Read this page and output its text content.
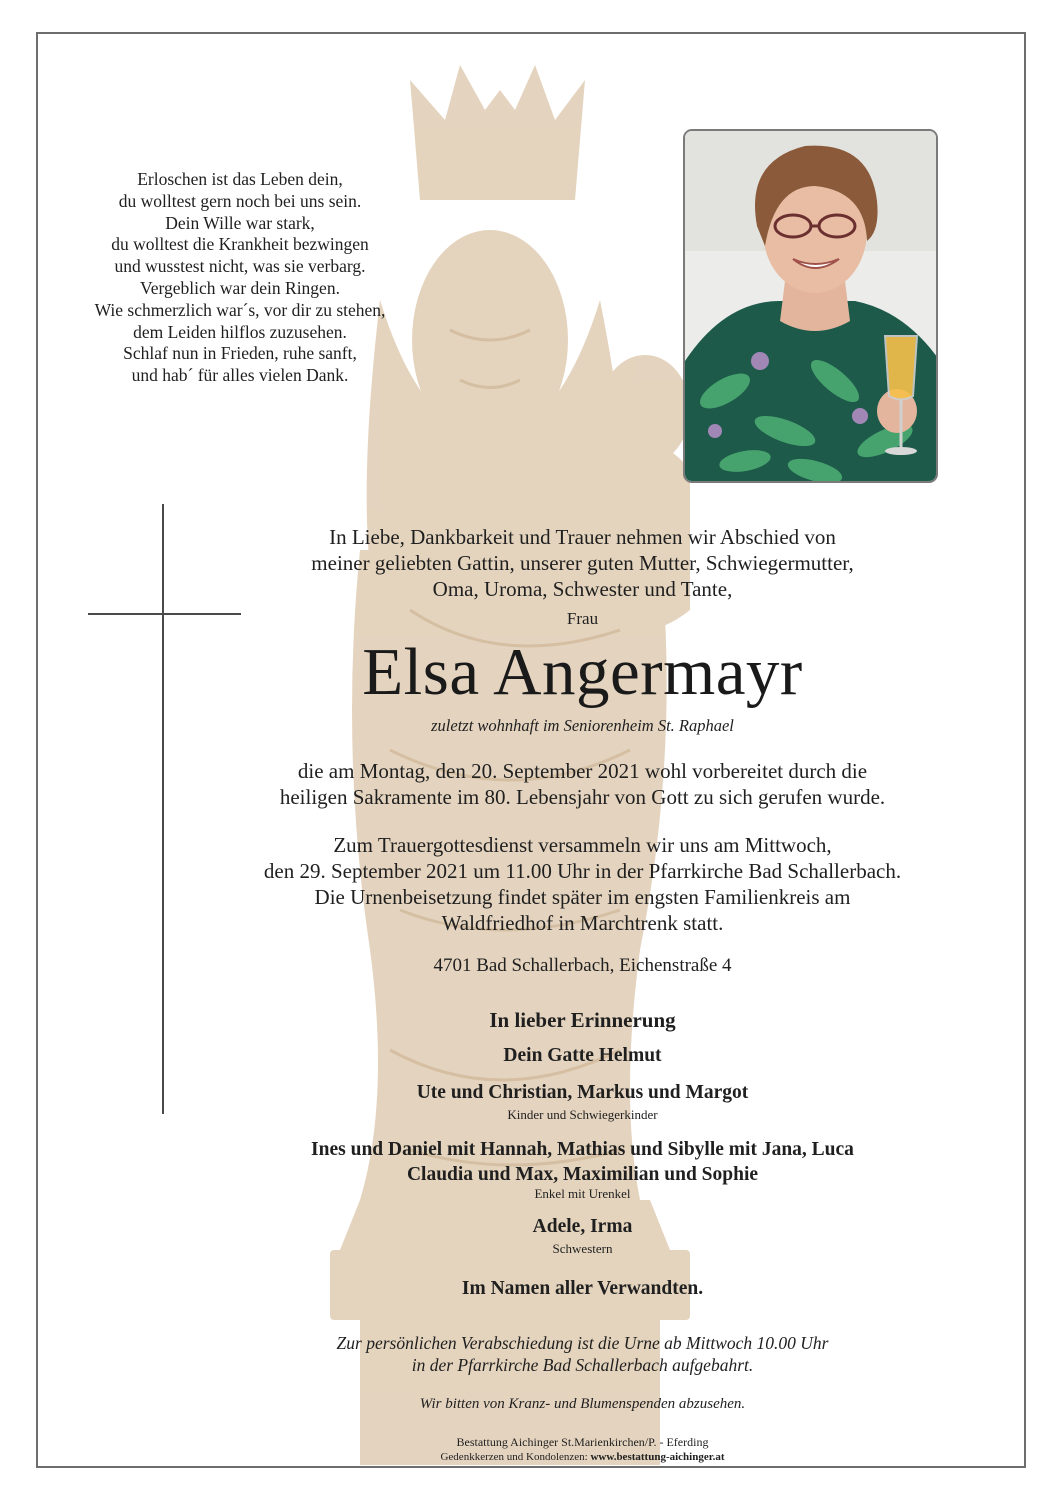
Erloschen ist das Leben dein,
du wolltest gern noch bei uns sein.
Dein Wille war stark,
du wolltest die Krankheit bezwingen
und wusstest nicht, was sie verbarg.
Vergeblich war dein Ringen.
Wie schmerzlich war´s, vor dir zu stehen,
dem Leiden hilflos zuzusehen.
Schlaf nun in Frieden, ruhe sanft,
und hab´ für alles vielen Dank.
In Liebe, Dankbarkeit und Trauer nehmen wir Abschied von
meiner geliebten Gattin, unserer guten Mutter, Schwiegermutter,
Oma, Uroma, Schwester und Tante,
Frau
Elsa Angermayr
zuletzt wohnhaft im Seniorenheim St. Raphael
die am Montag, den 20. September 2021 wohl vorbereitet durch die
heiligen Sakramente im 80. Lebensjahr von Gott zu sich gerufen wurde.
Zum Trauergottesdienst versammeln wir uns am Mittwoch,
den 29. September 2021 um 11.00 Uhr in der Pfarrkirche Bad Schallerbach.
Die Urnenbeisetzung findet später im engsten Familienkreis am
Waldfriedhof in Marchtrenk statt.
4701 Bad Schallerbach, Eichenstraße 4
In lieber Erinnerung
Dein Gatte Helmut
Ute und Christian, Markus und Margot
Kinder und Schwiegerkinder
Ines und Daniel mit Hannah, Mathias und Sibylle mit Jana, Luca
Claudia und Max, Maximilian und Sophie
Enkel mit Urenkel
Adele, Irma
Schwestern
Im Namen aller Verwandten.
Zur persönlichen Verabschiedung ist die Urne ab Mittwoch 10.00 Uhr
in der Pfarrkirche Bad Schallerbach aufgebahrt.
Wir bitten von Kranz- und Blumenspenden abzusehen.
Bestattung Aichinger St.Marienkirchen/P. - Eferding
Gedenkkerzen und Kondolenzen: www.bestattung-aichinger.at
